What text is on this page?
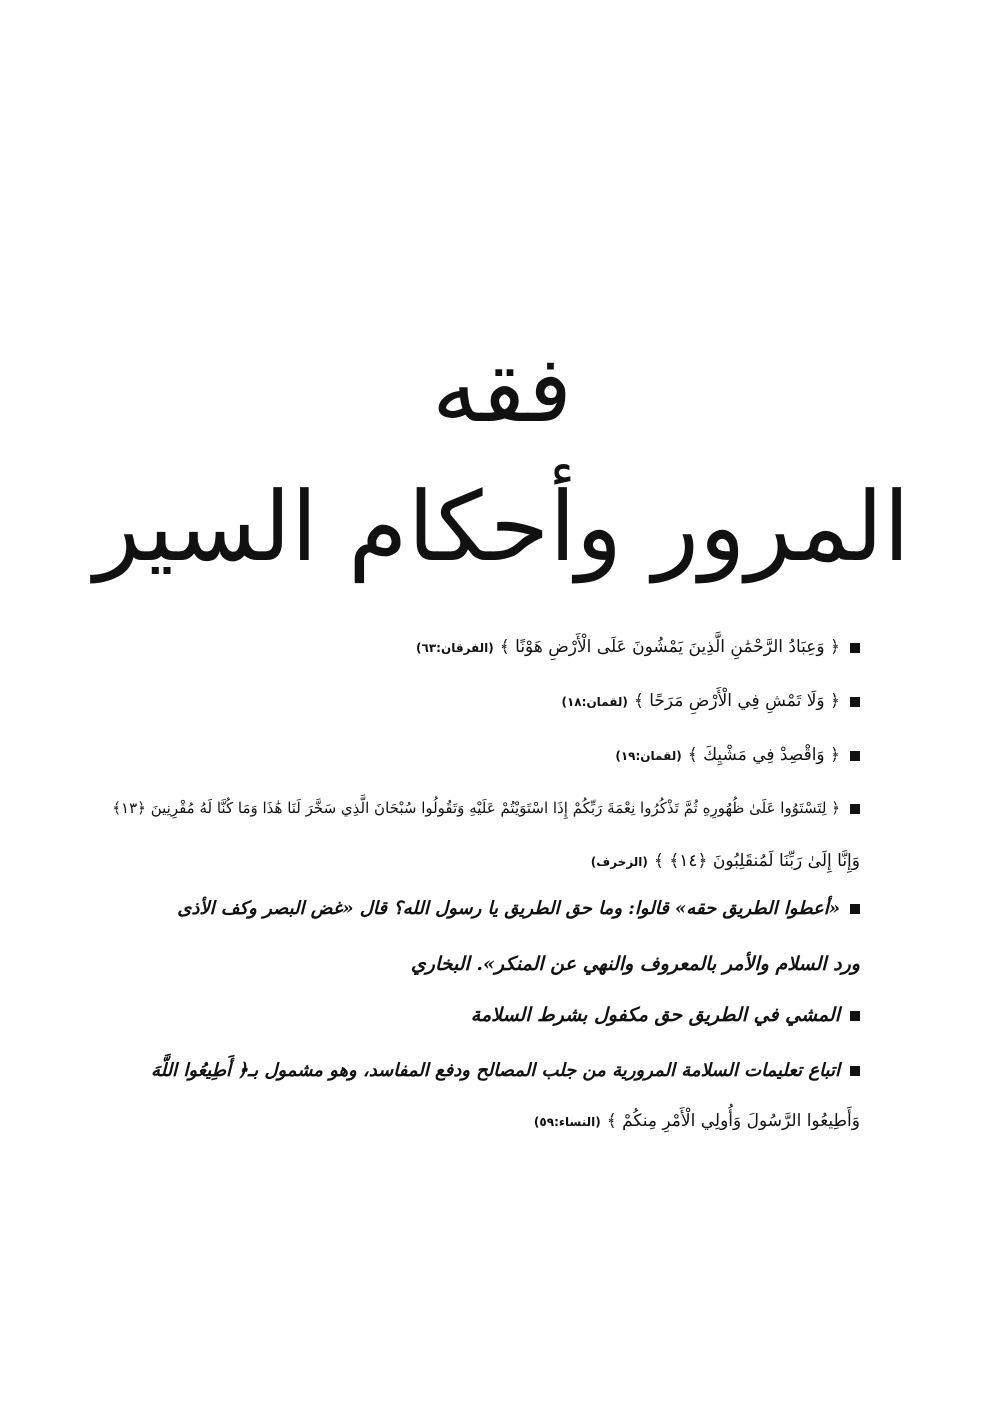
فقه
المرور وأحكام السير
﴿ وَعِبَادُ الرَّحْمَٰنِ الَّذِينَ يَمْشُونَ عَلَى الْأَرْضِ هَوْنًا ﴾(الفرقان:٦٣)
﴿ وَلَا تَمْشِ فِي الْأَرْضِ مَرَحًا ﴾(لقمان:١٨)
﴿ وَاقْصِدْ فِي مَشْيِكَ ﴾(لقمان:١٩)
﴿ لِتَسْتَوُوا عَلَىٰ ظُهُورِهِ ثُمَّ تَذْكُرُوا نِعْمَةَ رَبِّكُمْ إِذَا اسْتَوَيْتُمْ عَلَيْهِ وَتَقُولُوا سُبْحَانَ الَّذِي سَخَّرَ لَنَا هَٰذَا وَمَا كُنَّا لَهُ مُقْرِنِينَ ﴿١٣﴾
وَإِنَّا إِلَىٰ رَبِّنَا لَمُنقَلِبُونَ ﴿١٤﴾ ﴾(الزخرف)
«أعطوا الطريق حقه» قالوا: وما حق الطريق يا رسول الله؟ قال «غض البصر وكف الأذى
ورد السلام والأمر بالمعروف والنهي عن المنكر». البخاري
المشي في الطريق حق مكفول بشرط السلامة
اتباع تعليمات السلامة المرورية من جلب المصالح ودفع المفاسد، وهو مشمول بـ﴿ أَطِيعُوا اللَّهَ
وَأَطِيعُوا الرَّسُولَ وَأُولِي الْأَمْرِ مِنكُمْ ﴾(النساء:٥٩)
